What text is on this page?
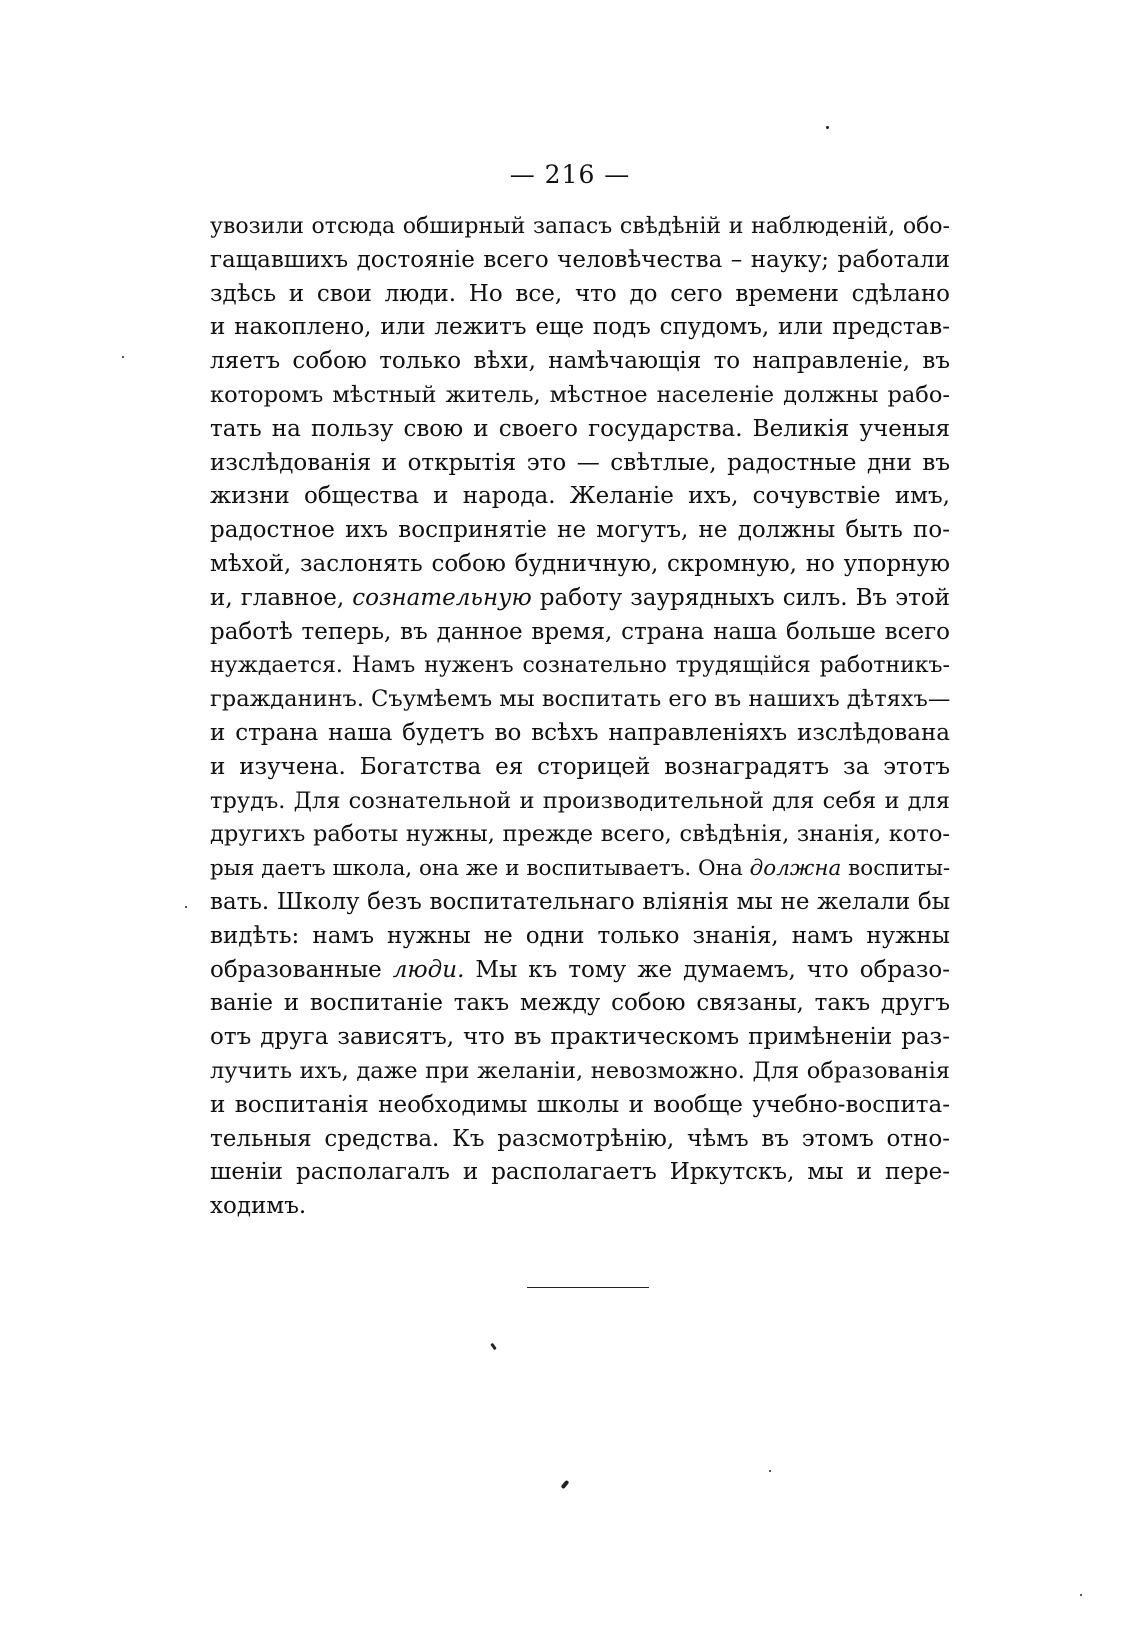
— 216 —
увозили отсюда обширный запасъ свѣдѣній и наблюденій, обо-
гащавшихъ достояніе всего человѣчества – науку; работали
здѣсь и свои люди. Но все, что до сего времени сдѣлано
и накоплено, или лежитъ еще подъ спудомъ, или представ-
ляетъ собою только вѣхи, намѣчающія то направленіе, въ
которомъ мѣстный житель, мѣстное населеніе должны рабо-
тать на пользу свою и своего государства. Великія ученыя
изслѣдованія и открытія это — свѣтлые, радостные дни въ
жизни общества и народа. Желаніе ихъ, сочувствіе имъ,
радостное ихъ воспринятіе не могутъ, не должны быть по-
мѣхой, заслонять собою будничную, скромную, но упорную
и, главное, сознательную работу заурядныхъ силъ. Въ этой
работѣ теперь, въ данное время, страна наша больше всего
нуждается. Намъ нуженъ сознательно трудящійся работникъ-
гражданинъ. Съумѣемъ мы воспитать его въ нашихъ дѣтяхъ—
и страна наша будетъ во всѣхъ направленіяхъ изслѣдована
и изучена. Богатства ея сторицей вознаградятъ за этотъ
трудъ. Для сознательной и производительной для себя и для
другихъ работы нужны, прежде всего, свѣдѣнія, знанія, кото-
рыя даетъ школа, она же и воспитываетъ. Она должна воспиты-
вать. Школу безъ воспитательнаго вліянія мы не желали бы
видѣть: намъ нужны не одни только знанія, намъ нужны
образованные люди. Мы къ тому же думаемъ, что образо-
ваніе и воспитаніе такъ между собою связаны, такъ другъ
отъ друга зависятъ, что въ практическомъ примѣненіи раз-
лучить ихъ, даже при желаніи, невозможно. Для образованія
и воспитанія необходимы школы и вообще учебно-воспита-
тельныя средства. Къ разсмотрѣнію, чѣмъ въ этомъ отно-
шеніи располагалъ и располагаетъ Иркутскъ, мы и пере-
ходимъ.
